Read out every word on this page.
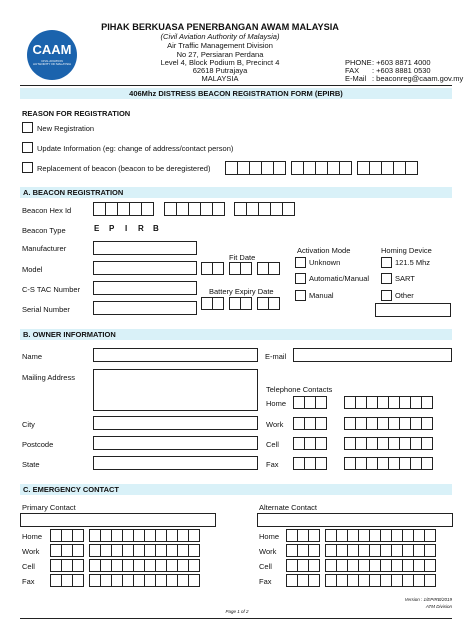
CAAM
CIVIL AVIATION AUTHORITY OF MALAYSIA
PIHAK BERKUASA PENERBANGAN AWAM MALAYSIA
(Civil Aviation Authority of Malaysia)
Air Traffic Management Division
No 27, Persiaran Perdana
Level 4, Block Podium B, Precinct 4
62618 Putrajaya
MALAYSIA
PHONE : +603 8871 4000
FAX : +603 8881 0530
E-Mail : beaconreg@caam.gov.my
406Mhz DISTRESS BEACON REGISTRATION FORM (EPIRB)
REASON FOR REGISTRATION
New Registration
Update Information (eg: change of address/contact person)
Replacement of beacon (beacon to be deregistered)
A. BEACON REGISTRATION
Beacon Hex Id
Beacon Type	E P I R B
Manufacturer
Model
C-S TAC Number
Serial Number
Fit Date
Battery Expiry Date
Activation Mode
Unknown
Automatic/Manual
Manual
Homing Device
121.5 Mhz
SART
Other
B. OWNER INFORMATION
Name	E-mail
Mailing Address
Telephone Contacts
Home
City	Work
Postcode	Cell
State	Fax
C. EMERGENCY CONTACT
Primary Contact	Alternate Contact
Home
Work
Cell
Fax
Home
Work
Cell
Fax
Version : 1/EPIRB/2019
ATM Division
Page 1 of 2
